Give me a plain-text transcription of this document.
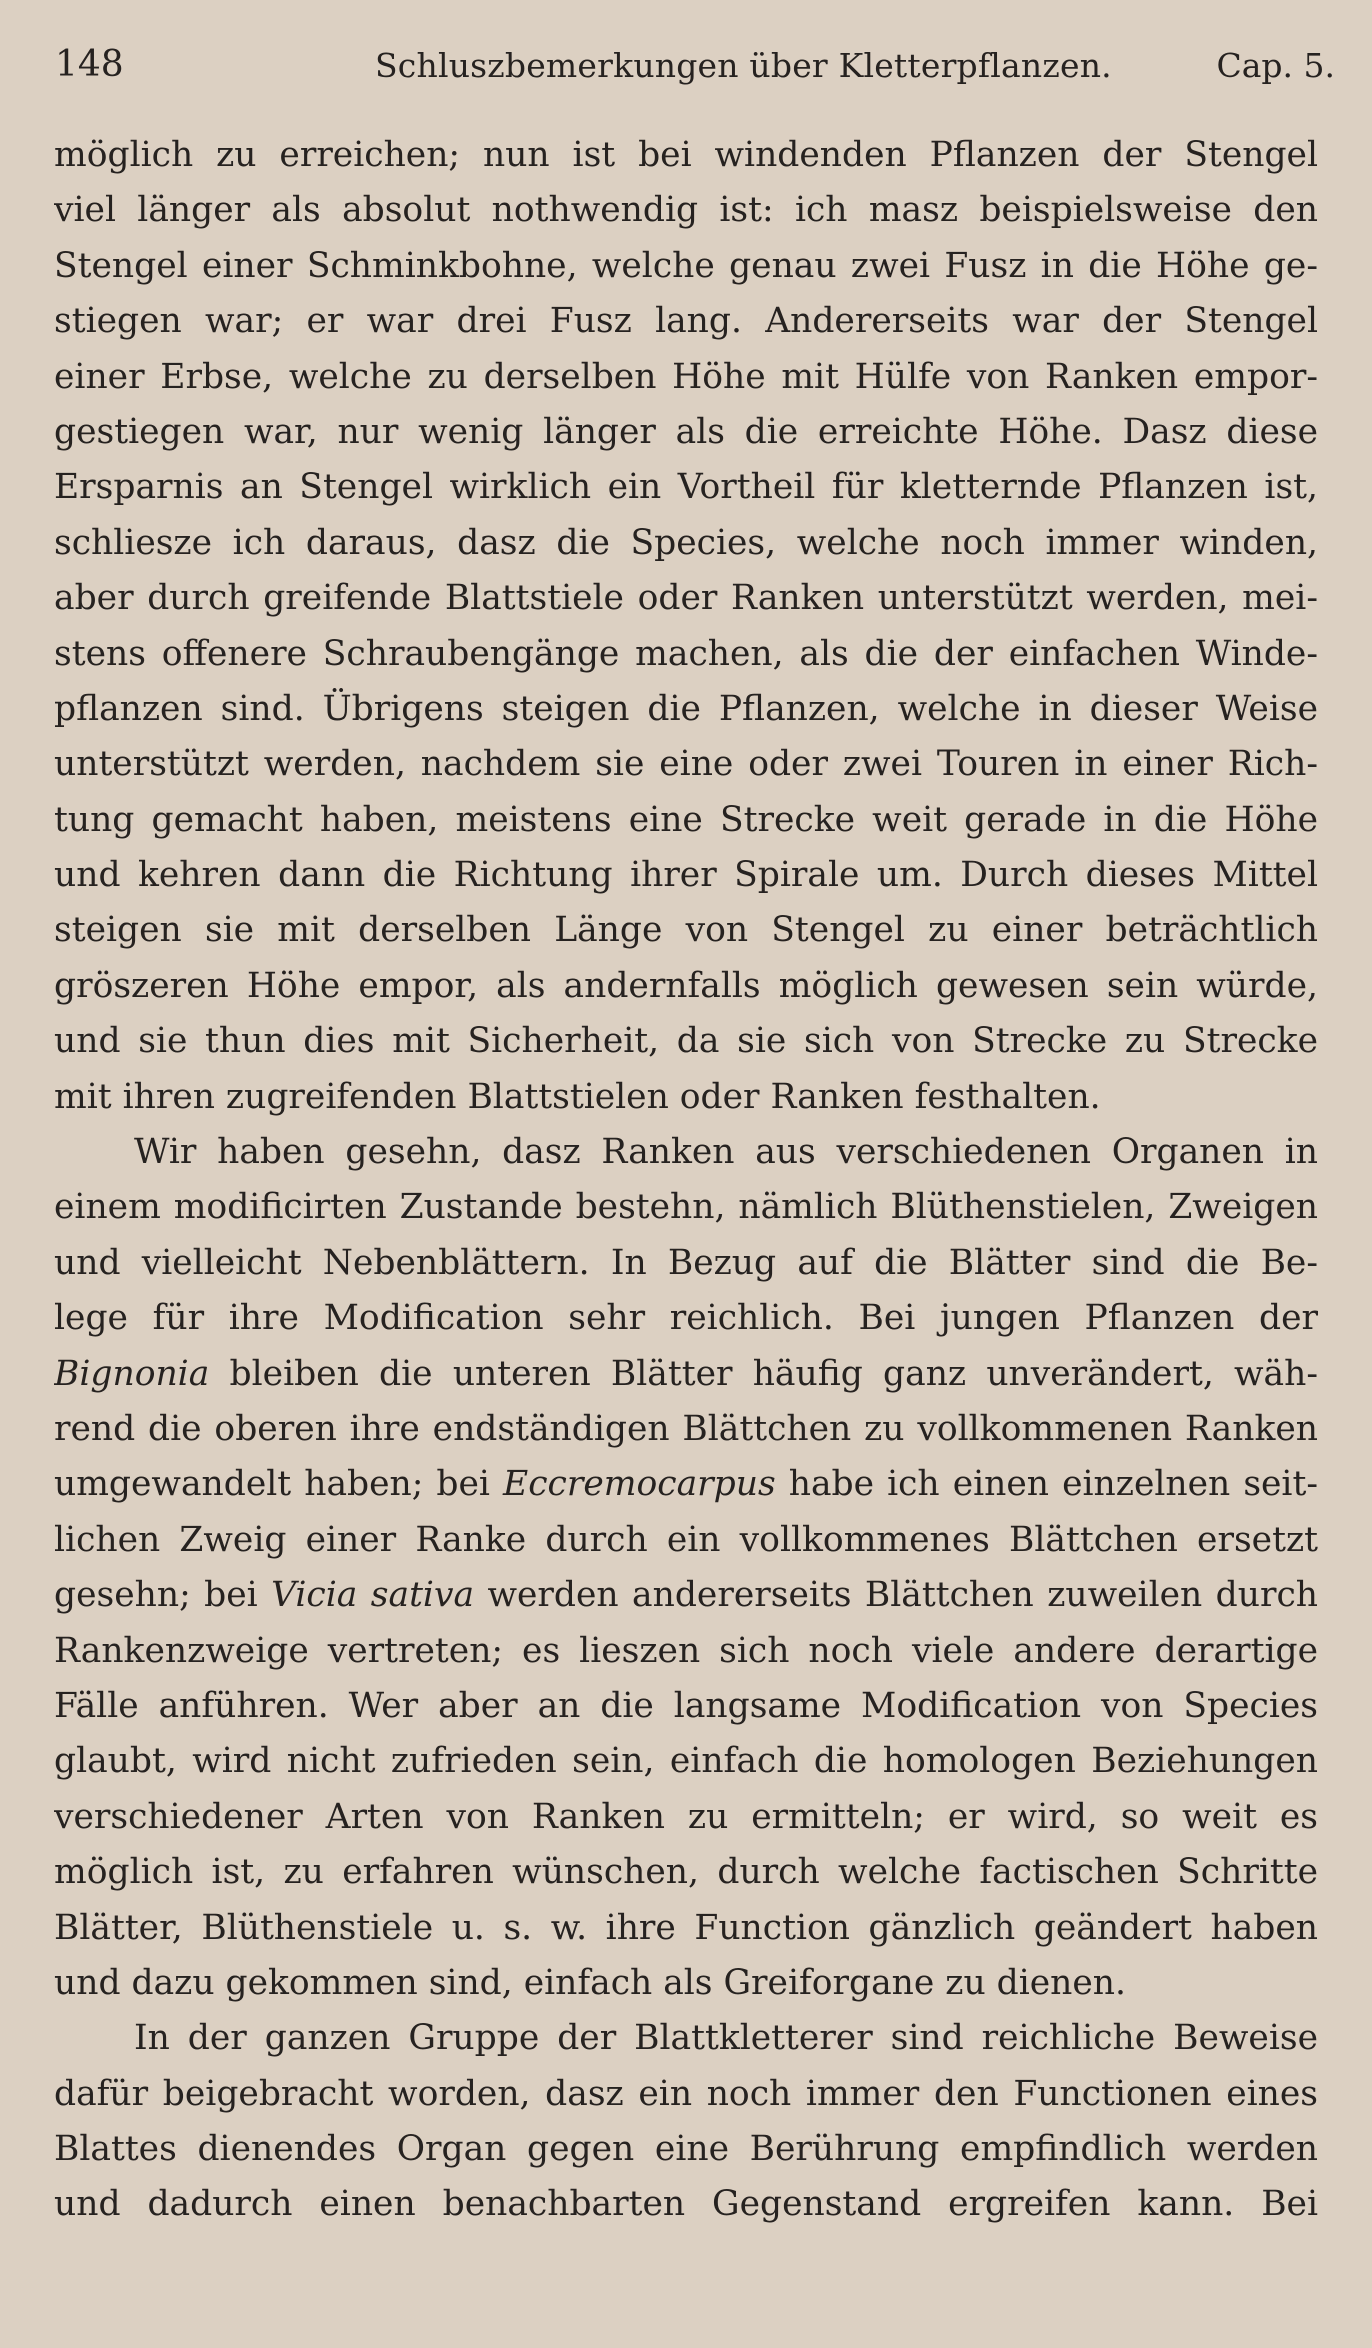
148	Schluszbemerkungen über Kletterpflanzen.	Cap. 5.
möglich zu erreichen; nun ist bei windenden Pflanzen der Stengel
viel länger als absolut nothwendig ist: ich masz beispielsweise den
Stengel einer Schminkbohne, welche genau zwei Fusz in die Höhe ge-
stiegen war; er war drei Fusz lang. Andererseits war der Stengel
einer Erbse, welche zu derselben Höhe mit Hülfe von Ranken empor-
gestiegen war, nur wenig länger als die erreichte Höhe. Dasz diese
Ersparnis an Stengel wirklich ein Vortheil für kletternde Pflanzen ist,
schliesze ich daraus, dasz die Species, welche noch immer winden,
aber durch greifende Blattstiele oder Ranken unterstützt werden, mei-
stens offenere Schraubengänge machen, als die der einfachen Winde-
pflanzen sind. Übrigens steigen die Pflanzen, welche in dieser Weise
unterstützt werden, nachdem sie eine oder zwei Touren in einer Rich-
tung gemacht haben, meistens eine Strecke weit gerade in die Höhe
und kehren dann die Richtung ihrer Spirale um. Durch dieses Mittel
steigen sie mit derselben Länge von Stengel zu einer beträchtlich
gröszeren Höhe empor, als andernfalls möglich gewesen sein würde,
und sie thun dies mit Sicherheit, da sie sich von Strecke zu Strecke
mit ihren zugreifenden Blattstielen oder Ranken festhalten.
Wir haben gesehn, dasz Ranken aus verschiedenen Organen in
einem modificirten Zustande bestehn, nämlich Blüthenstielen, Zweigen
und vielleicht Nebenblättern. In Bezug auf die Blätter sind die Be-
lege für ihre Modification sehr reichlich. Bei jungen Pflanzen der
Bignonia bleiben die unteren Blätter häufig ganz unverändert, wäh-
rend die oberen ihre endständigen Blättchen zu vollkommenen Ranken
umgewandelt haben; bei Eccremocarpus habe ich einen einzelnen seit-
lichen Zweig einer Ranke durch ein vollkommenes Blättchen ersetzt
gesehn; bei Vicia sativa werden andererseits Blättchen zuweilen durch
Rankenzweige vertreten; es lieszen sich noch viele andere derartige
Fälle anführen. Wer aber an die langsame Modification von Species
glaubt, wird nicht zufrieden sein, einfach die homologen Beziehungen
verschiedener Arten von Ranken zu ermitteln; er wird, so weit es
möglich ist, zu erfahren wünschen, durch welche factischen Schritte
Blätter, Blüthenstiele u. s. w. ihre Function gänzlich geändert haben
und dazu gekommen sind, einfach als Greiforgane zu dienen.
In der ganzen Gruppe der Blattkletterer sind reichliche Beweise
dafür beigebracht worden, dasz ein noch immer den Functionen eines
Blattes dienendes Organ gegen eine Berührung empfindlich werden
und dadurch einen benachbarten Gegenstand ergreifen kann. Bei
